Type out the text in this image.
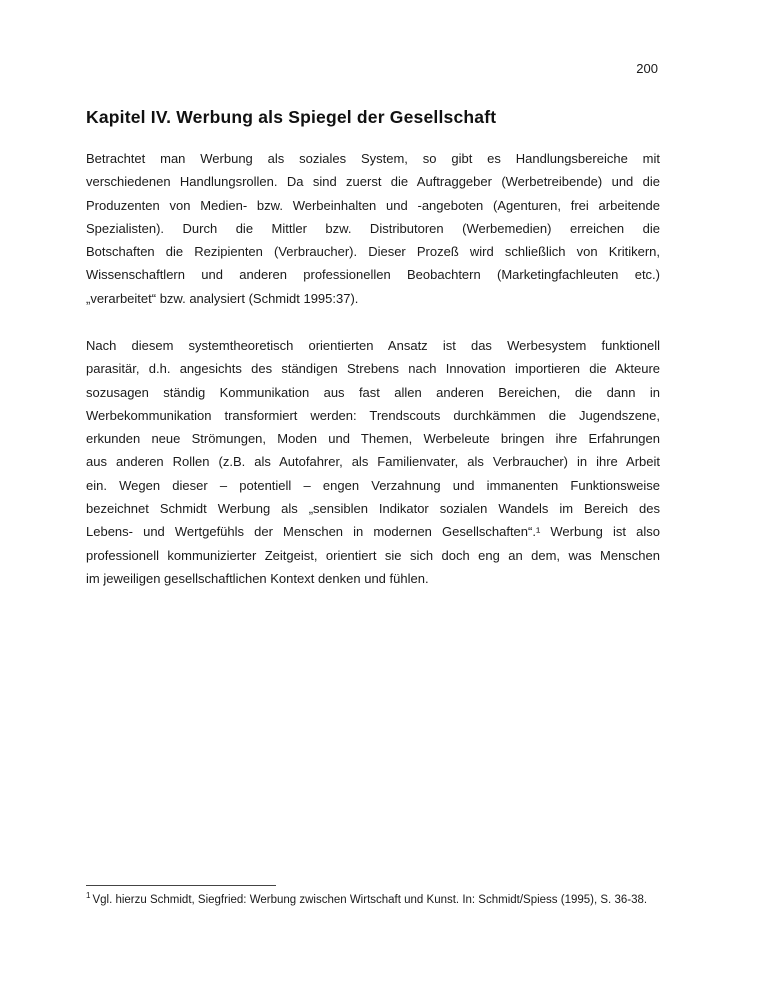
200
Kapitel IV. Werbung als Spiegel der Gesellschaft
Betrachtet man Werbung als soziales System, so gibt es Handlungsbereiche mit
verschiedenen Handlungsrollen. Da sind zuerst die Auftraggeber (Werbetreibende) und die
Produzenten von Medien- bzw. Werbeinhalten und -angeboten (Agenturen, frei arbeitende
Spezialisten). Durch die Mittler bzw. Distributoren (Werbemedien) erreichen die
Botschaften die Rezipienten (Verbraucher). Dieser Prozeß wird schließlich von Kritikern,
Wissenschaftlern und anderen professionellen Beobachtern (Marketingfachleuten etc.)
„verarbeitet“ bzw. analysiert (Schmidt 1995:37).
Nach diesem systemtheoretisch orientierten Ansatz ist das Werbesystem funktionell
parasitär, d.h. angesichts des ständigen Strebens nach Innovation importieren die Akteure
sozusagen ständig Kommunikation aus fast allen anderen Bereichen, die dann in
Werbekommunikation transformiert werden: Trendscouts durchkämmen die Jugendszene,
erkunden neue Strömungen, Moden und Themen, Werbeleute bringen ihre Erfahrungen
aus anderen Rollen (z.B. als Autofahrer, als Familienvater, als Verbraucher) in ihre Arbeit
ein. Wegen dieser – potentiell – engen Verzahnung und immanenten Funktionsweise
bezeichnet Schmidt Werbung als „sensiblen Indikator sozialen Wandels im Bereich des
Lebens- und Wertgefühls der Menschen in modernen Gesellschaften“.¹ Werbung ist also
professionell kommunizierter Zeitgeist, orientiert sie sich doch eng an dem, was Menschen
im jeweiligen gesellschaftlichen Kontext denken und fühlen.
$^1$ Vgl. hierzu Schmidt, Siegfried: Werbung zwischen Wirtschaft und Kunst. In: Schmidt/Spiess (1995), S. 36-38.
